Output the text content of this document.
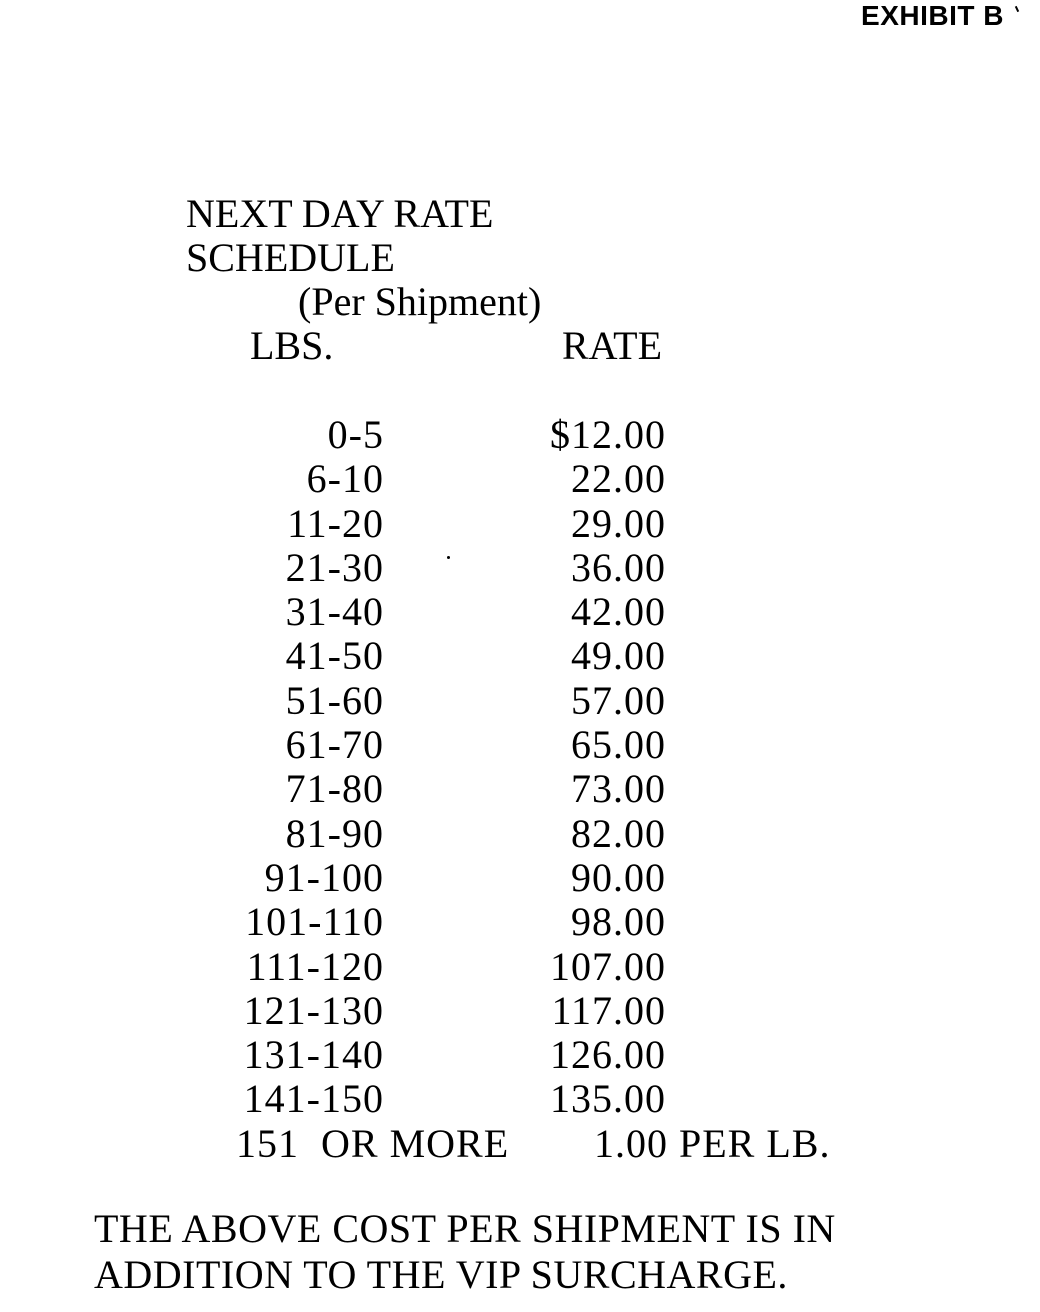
EXHIBIT B
NEXT DAY RATE SCHEDULE
(Per Shipment)
LBS.	RATE
0-5	$12.00
6-10	22.00
11-20	29.00
21-30	36.00
31-40	42.00
41-50	49.00
51-60	57.00
61-70	65.00
71-80	73.00
81-90	82.00
91-100	90.00
101-110	98.00
111-120	107.00
121-130	117.00
131-140	126.00
141-150	135.00
151  OR MORE 1.00 PER LB.
THE ABOVE COST PER SHIPMENT IS IN
ADDITION TO THE VIP SURCHARGE.
